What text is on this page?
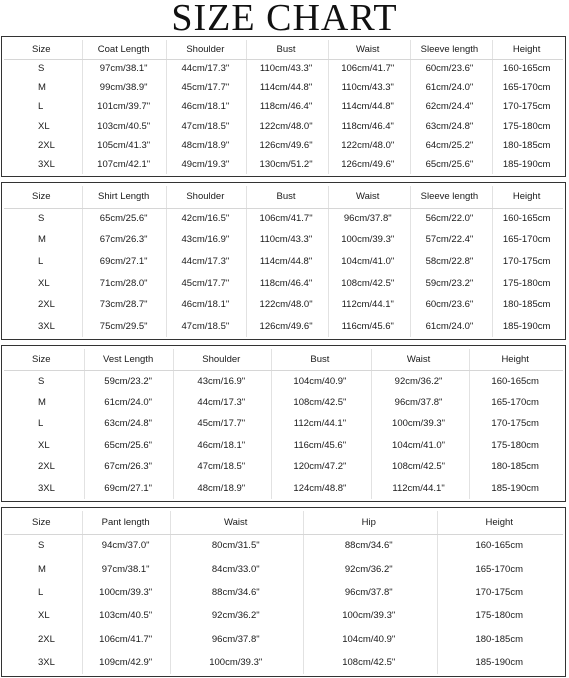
SIZE CHART
Size	Coat Length	Shoulder	Bust	Waist	Sleeve length	Height
S	97cm/38.1"	44cm/17.3"	110cm/43.3"	106cm/41.7"	60cm/23.6"	160-165cm
M	99cm/38.9"	45cm/17.7"	114cm/44.8"	110cm/43.3"	61cm/24.0"	165-170cm
L	101cm/39.7"	46cm/18.1"	118cm/46.4"	114cm/44.8"	62cm/24.4"	170-175cm
XL	103cm/40.5"	47cm/18.5"	122cm/48.0"	118cm/46.4"	63cm/24.8"	175-180cm
2XL	105cm/41.3"	48cm/18.9"	126cm/49.6"	122cm/48.0"	64cm/25.2"	180-185cm
3XL	107cm/42.1"	49cm/19.3"	130cm/51.2"	126cm/49.6"	65cm/25.6"	185-190cm
Size	Shirt Length	Shoulder	Bust	Waist	Sleeve length	Height
S	65cm/25.6"	42cm/16.5"	106cm/41.7"	96cm/37.8"	56cm/22.0"	160-165cm
M	67cm/26.3"	43cm/16.9"	110cm/43.3"	100cm/39.3"	57cm/22.4"	165-170cm
L	69cm/27.1"	44cm/17.3"	114cm/44.8"	104cm/41.0"	58cm/22.8"	170-175cm
XL	71cm/28.0"	45cm/17.7"	118cm/46.4"	108cm/42.5"	59cm/23.2"	175-180cm
2XL	73cm/28.7"	46cm/18.1"	122cm/48.0"	112cm/44.1"	60cm/23.6"	180-185cm
3XL	75cm/29.5"	47cm/18.5"	126cm/49.6"	116cm/45.6"	61cm/24.0"	185-190cm
Size	Vest Length	Shoulder	Bust	Waist	Height
S	59cm/23.2"	43cm/16.9"	104cm/40.9"	92cm/36.2"	160-165cm
M	61cm/24.0"	44cm/17.3"	108cm/42.5"	96cm/37.8"	165-170cm
L	63cm/24.8"	45cm/17.7"	112cm/44.1"	100cm/39.3"	170-175cm
XL	65cm/25.6"	46cm/18.1"	116cm/45.6"	104cm/41.0"	175-180cm
2XL	67cm/26.3"	47cm/18.5"	120cm/47.2"	108cm/42.5"	180-185cm
3XL	69cm/27.1"	48cm/18.9"	124cm/48.8"	112cm/44.1"	185-190cm
Size	Pant length	Waist	Hip	Height
S	94cm/37.0"	80cm/31.5"	88cm/34.6"	160-165cm
M	97cm/38.1"	84cm/33.0"	92cm/36.2"	165-170cm
L	100cm/39.3"	88cm/34.6"	96cm/37.8"	170-175cm
XL	103cm/40.5"	92cm/36.2"	100cm/39.3"	175-180cm
2XL	106cm/41.7"	96cm/37.8"	104cm/40.9"	180-185cm
3XL	109cm/42.9"	100cm/39.3"	108cm/42.5"	185-190cm
